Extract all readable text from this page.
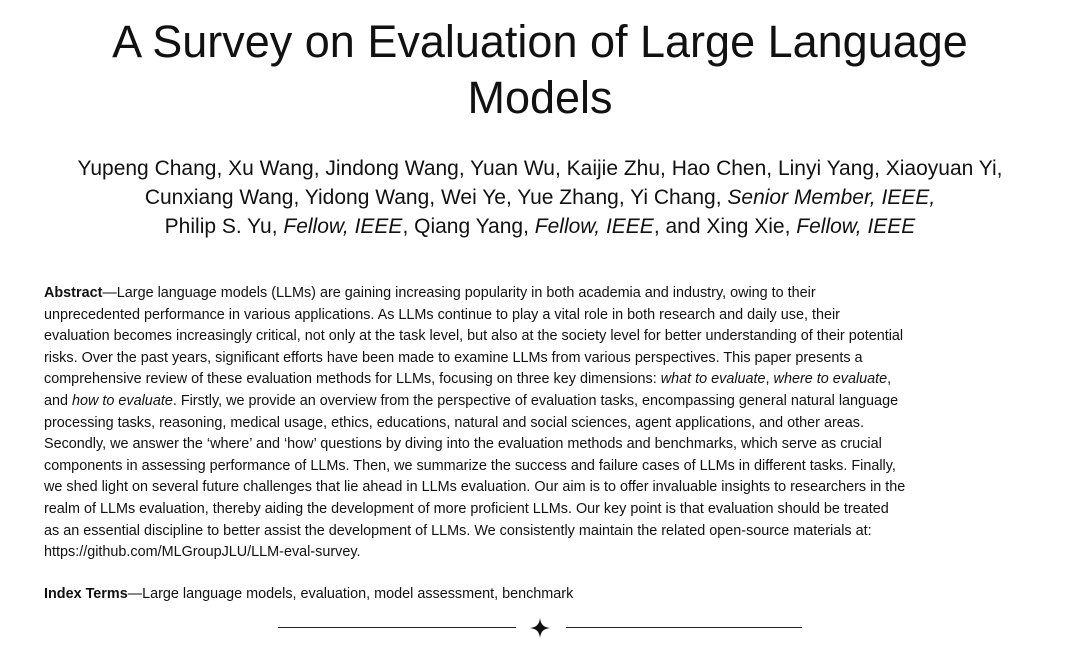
A Survey on Evaluation of Large Language
Models
Yupeng Chang, Xu Wang, Jindong Wang, Yuan Wu, Kaijie Zhu, Hao Chen, Linyi Yang, Xiaoyuan Yi,
Cunxiang Wang, Yidong Wang, Wei Ye, Yue Zhang, Yi Chang, Senior Member, IEEE,
Philip S. Yu, Fellow, IEEE, Qiang Yang, Fellow, IEEE, and Xing Xie, Fellow, IEEE
Abstract—Large language models (LLMs) are gaining increasing popularity in both academia and industry, owing to their
unprecedented performance in various applications. As LLMs continue to play a vital role in both research and daily use, their
evaluation becomes increasingly critical, not only at the task level, but also at the society level for better understanding of their potential
risks. Over the past years, significant efforts have been made to examine LLMs from various perspectives. This paper presents a
comprehensive review of these evaluation methods for LLMs, focusing on three key dimensions: what to evaluate, where to evaluate,
and how to evaluate. Firstly, we provide an overview from the perspective of evaluation tasks, encompassing general natural language
processing tasks, reasoning, medical usage, ethics, educations, natural and social sciences, agent applications, and other areas.
Secondly, we answer the ‘where’ and ‘how’ questions by diving into the evaluation methods and benchmarks, which serve as crucial
components in assessing performance of LLMs. Then, we summarize the success and failure cases of LLMs in different tasks. Finally,
we shed light on several future challenges that lie ahead in LLMs evaluation. Our aim is to offer invaluable insights to researchers in the
realm of LLMs evaluation, thereby aiding the development of more proficient LLMs. Our key point is that evaluation should be treated
as an essential discipline to better assist the development of LLMs. We consistently maintain the related open-source materials at:
https://github.com/MLGroupJLU/LLM-eval-survey.
Index Terms—Large language models, evaluation, model assessment, benchmark
